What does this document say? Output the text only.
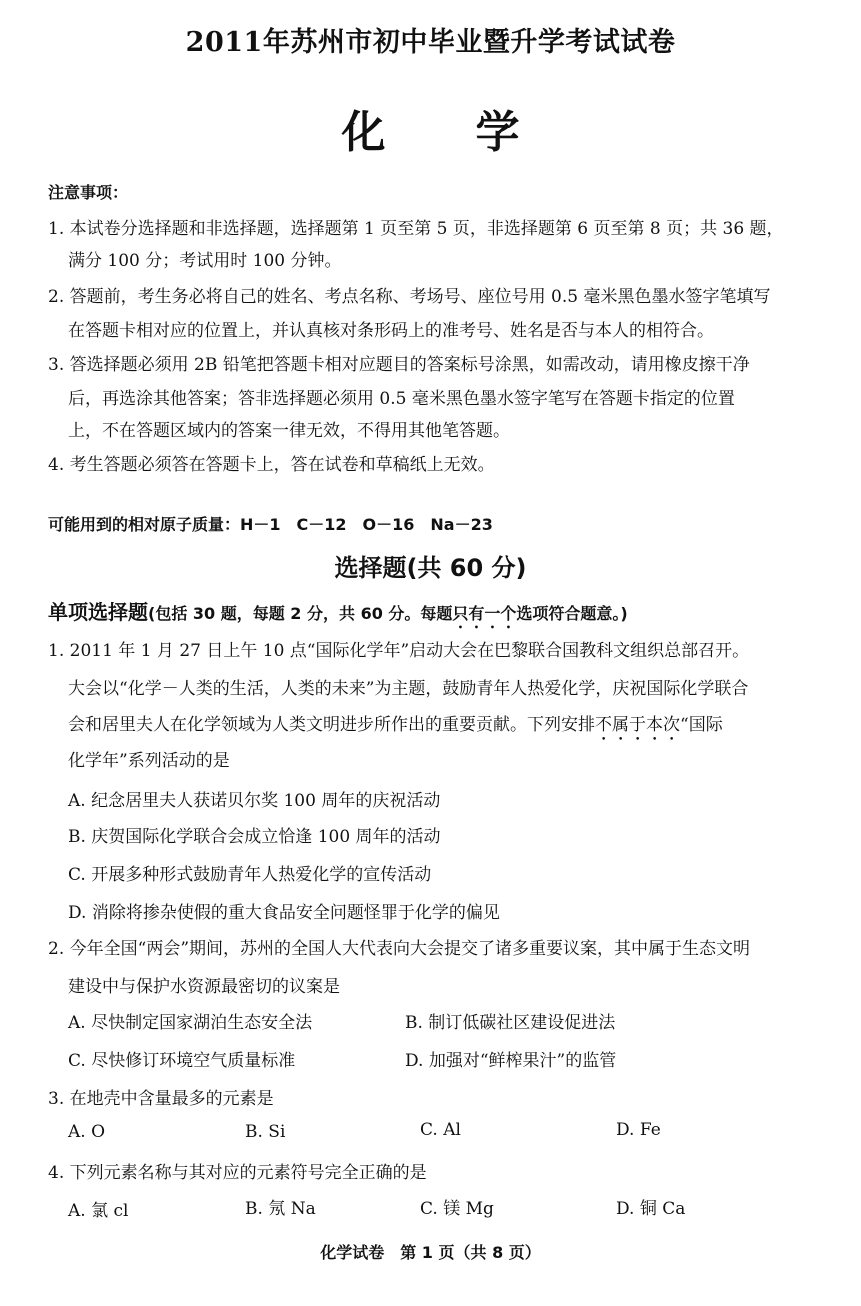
2011年苏州市初中毕业暨升学考试试卷
化学
注意事项：
1. 本试卷分选择题和非选择题，选择题第 1 页至第 5 页，非选择题第 6 页至第 8 页；共 36 题，
满分 100 分；考试用时 100 分钟。
2. 答题前，考生务必将自己的姓名、考点名称、考场号、座位号用 0.5 毫米黑色墨水签字笔填写
在答题卡相对应的位置上，并认真核对条形码上的准考号、姓名是否与本人的相符合。
3. 答选择题必须用 2B 铅笔把答题卡相对应题目的答案标号涂黑，如需改动，请用橡皮擦干净
后，再选涂其他答案；答非选择题必须用 0.5 毫米黑色墨水签字笔写在答题卡指定的位置
上，不在答题区域内的答案一律无效，不得用其他笔答题。
4. 考生答题必须答在答题卡上，答在试卷和草稿纸上无效。
可能用到的相对原子质量：H－1　C－12　O－16　Na－23
选择题(共 60 分)
单项选择题(包括 30 题，每题 2 分，共 60 分。每题只有一个选项符合题意。)
1. 2011 年 1 月 27 日上午 10 点“国际化学年”启动大会在巴黎联合国教科文组织总部召开。
大会以“化学－人类的生活，人类的未来”为主题，鼓励青年人热爱化学，庆祝国际化学联合
会和居里夫人在化学领域为人类文明进步所作出的重要贡献。下列安排不属于本次“国际
化学年”系列活动的是
A. 纪念居里夫人获诺贝尔奖 100 周年的庆祝活动
B. 庆贺国际化学联合会成立恰逢 100 周年的活动
C. 开展多种形式鼓励青年人热爱化学的宣传活动
D. 消除将掺杂使假的重大食品安全问题怪罪于化学的偏见
2. 今年全国“两会”期间，苏州的全国人大代表向大会提交了诸多重要议案，其中属于生态文明
建设中与保护水资源最密切的议案是
A. 尽快制定国家湖泊生态安全法	B. 制订低碳社区建设促进法
C. 尽快修订环境空气质量标准	D. 加强对“鲜榨果汁”的监管
3. 在地壳中含量最多的元素是
A. O	B. Si	C. Al	D. Fe
4. 下列元素名称与其对应的元素符号完全正确的是
A. 氯 cl	B. 氖 Na	C. 镁 Mg	D. 铜 Ca
化学试卷　第 1 页（共 8 页）
